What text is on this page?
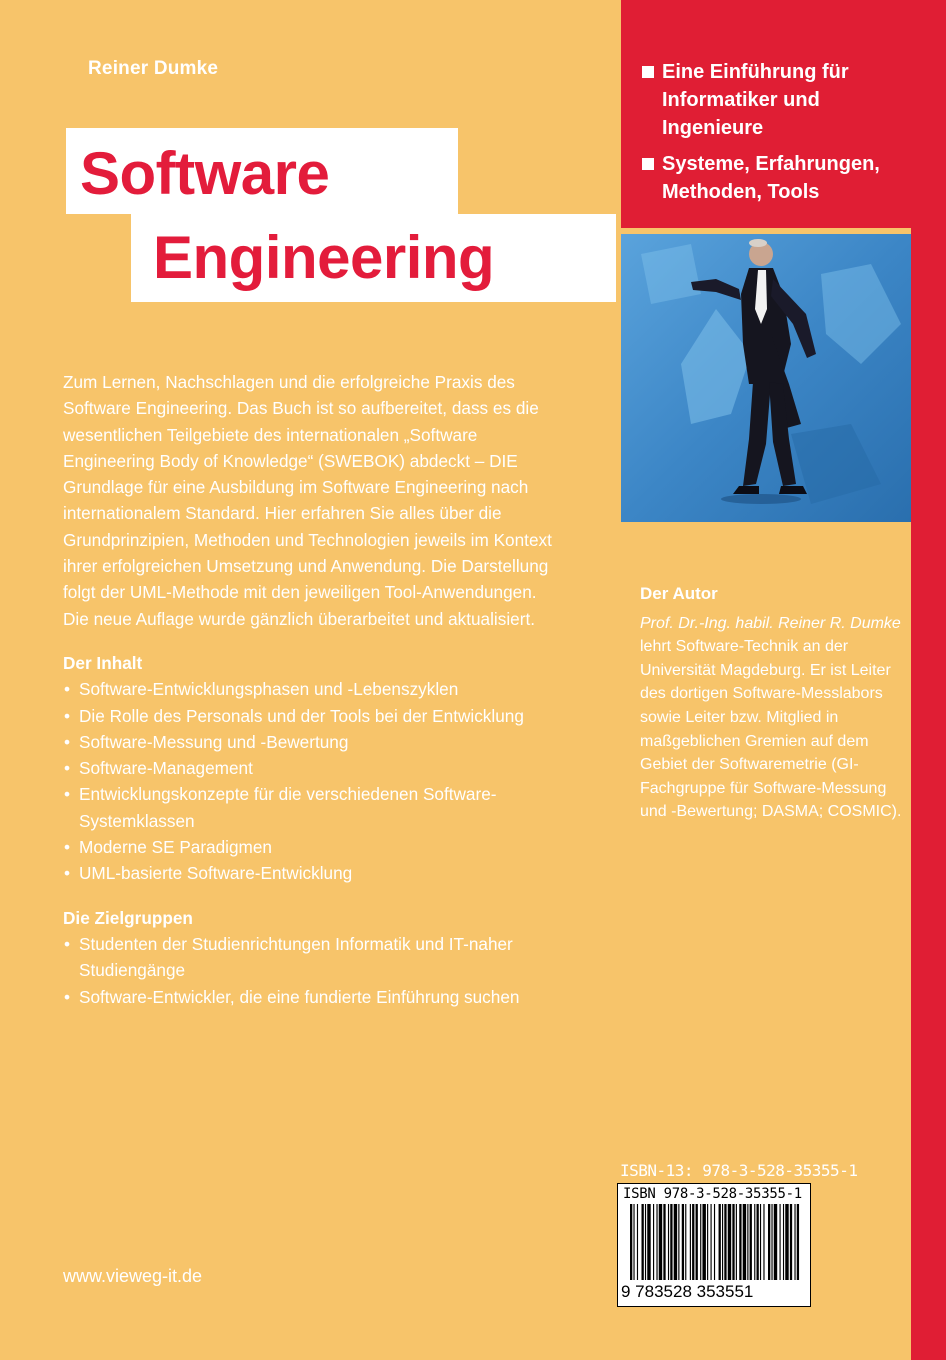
Reiner Dumke
Software
Engineering
Eine Einführung für Informatiker und Ingenieure
Systeme, Erfahrungen, Methoden, Tools
Zum Lernen, Nachschlagen und die erfolgreiche Praxis des Software Engineering. Das Buch ist so aufbereitet, dass es die wesentlichen Teilgebiete des internationalen „Software Engineering Body of Knowledge“ (SWEBOK) abdeckt – DIE Grundlage für eine Ausbildung im Software Engineering nach internationalem Standard. Hier erfahren Sie alles über die Grundprinzipien, Methoden und Technologien jeweils im Kontext ihrer erfolgreichen Umsetzung und Anwendung. Die Darstellung folgt der UML-Methode mit den jeweiligen Tool-Anwendungen. Die neue Auflage wurde gänzlich überarbeitet und aktualisiert.
Der Inhalt
• Software-Entwicklungsphasen und -Lebenszyklen
• Die Rolle des Personals und der Tools bei der Entwicklung
• Software-Messung und -Bewertung
• Software-Management
• Entwicklungskonzepte für die verschiedenen Software-Systemklassen
• Moderne SE Paradigmen
• UML-basierte Software-Entwicklung
Die Zielgruppen
• Studenten der Studienrichtungen Informatik und IT-naher Studiengänge
• Software-Entwickler, die eine fundierte Einführung suchen
Der Autor
Prof. Dr.-Ing. habil. Reiner R. Dumke lehrt Software-Technik an der Universität Magdeburg. Er ist Leiter des dortigen Software-Messlabors sowie Leiter bzw. Mitglied in maßgeblichen Gremien auf dem Gebiet der Softwaremetrie (GI-Fachgruppe für Software-Messung und -Bewertung; DASMA; COSMIC).
www.vieweg-it.de
ISBN-13: 978-3-528-35355-1
ISBN 978-3-528-35355-1
9 783528 353551
